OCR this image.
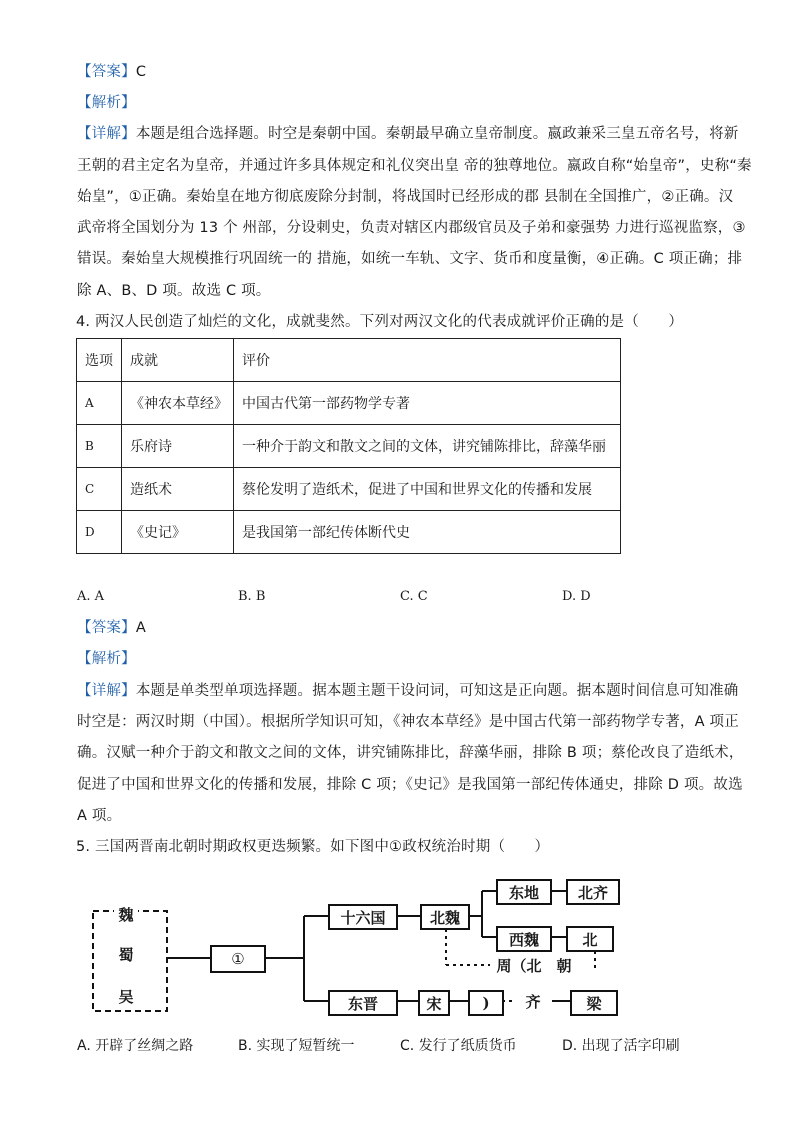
【答案】C
【解析】
【详解】本题是组合选择题。时空是秦朝中国。秦朝最早确立皇帝制度。嬴政兼采三皇五帝名号，将新
王朝的君主定名为皇帝，并通过许多具体规定和礼仪突出皇 帝的独尊地位。嬴政自称“始皇帝”，史称“秦
始皇”，①正确。秦始皇在地方彻底废除分封制，将战国时已经形成的郡 县制在全国推广，②正确。汉
武帝将全国划分为 13 个 州部，分设刺史，负责对辖区内郡级官员及子弟和豪强势 力进行巡视监察，③
错误。秦始皇大规模推行巩固统一的 措施，如统一车轨、文字、货币和度量衡，④正确。C 项正确；排
除 A、B、D 项。故选 C 项。
4. 两汉人民创造了灿烂的文化，成就斐然。下列对两汉文化的代表成就评价正确的是（　　）
选项	成就	评价
A	《神农本草经》	中国古代第一部药物学专著
B	乐府诗	一种介于韵文和散文之间的文体，讲究铺陈排比，辞藻华丽
C	造纸术	蔡伦发明了造纸术，促进了中国和世界文化的传播和发展
D	《史记》	是我国第一部纪传体断代史
A. A	B. B	C. C	D. D
【答案】A
【解析】
【详解】本题是单类型单项选择题。据本题主题干设问词，可知这是正向题。据本题时间信息可知准确
时空是：两汉时期（中国）。根据所学知识可知，《神农本草经》是中国古代第一部药物学专著，A 项正
确。汉赋一种介于韵文和散文之间的文体，讲究铺陈排比，辞藻华丽，排除 B 项；蔡伦改良了造纸术，
促进了中国和世界文化的传播和发展，排除 C 项；《史记》是我国第一部纪传体通史，排除 D 项。故选
A 项。
5. 三国两晋南北朝时期政权更迭频繁。如下图中①政权统治时期（　　）
魏
蜀
吴
①
十六国	北魏
东地	北齐
西魏	北
周（北　朝
东晋	宋	)	齐	梁
A. 开辟了丝绸之路	B. 实现了短暂统一	C. 发行了纸质货币	D. 出现了活字印刷
